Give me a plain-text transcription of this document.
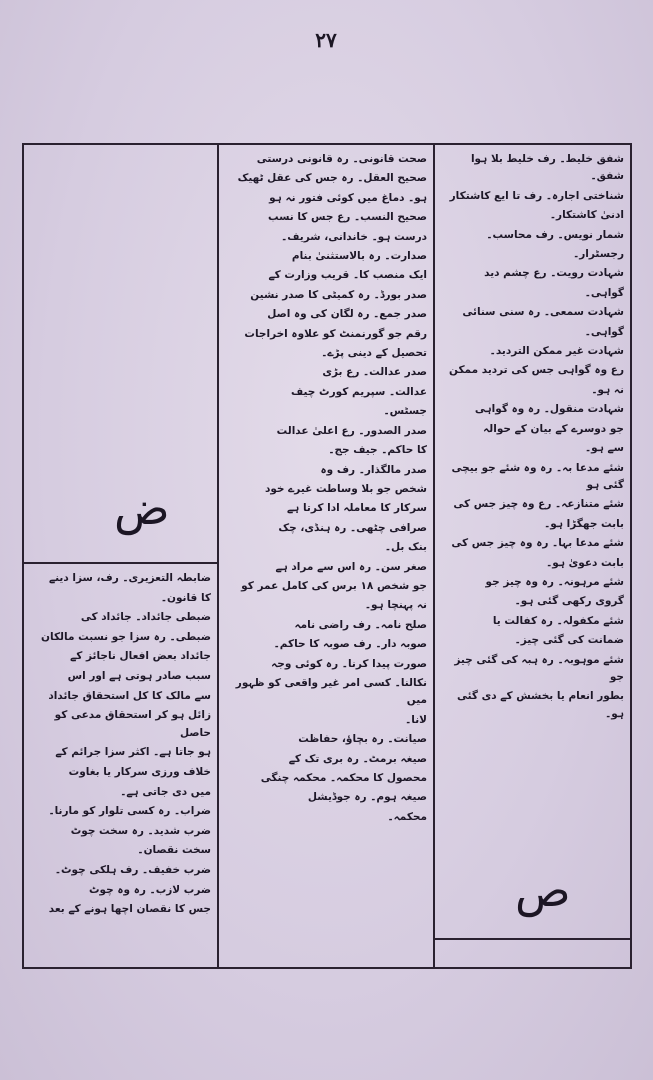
۲۷

شفق خلیط۔ رف خلیط بلا ہوا شفق۔

شناختی اجارہ۔ رف تا ایع کاشتکار

ادنیٰ کاشتکار۔

شمار نویس۔ رف محاسب۔

رجسٹرار۔

شہادت رویت۔ رع چشم دید

گواہی۔

شہادت سمعی۔ رہ سنی سنائی

گواہی۔

شہادت غیر ممکن التردید۔

رع وہ گواہی جس کی تردید ممکن

نہ ہو۔

شہادت منقول۔ رہ وہ گواہی

جو دوسرے کے بیان کے حوالہ

سے ہو۔

شئے مدعا بہ۔ رہ وہ شئے جو بیچی گئی ہو

شئے متنازعہ۔ رع وہ چیز جس کی

بابت جھگڑا ہو۔

شئے مدعا بہا۔ رہ وہ چیز جس کی

بابت دعویٰ ہو۔

شئے مرہونہ۔ رہ وہ چیز جو

گروی رکھی گئی ہو۔

شئے مکفولہ۔ رہ کفالت یا

ضمانت کی گئی چیز۔

شئے موہوبہ۔ رہ ہبہ کی گئی چیز جو

بطور انعام یا بخشش کے دی گئی ہو۔

ص

صحت قانونی۔ رہ قانونی درستی

صحیح العقل۔ رہ جس کی عقل ٹھیک

ہو۔ دماغ میں کوئی فتور نہ ہو

صحیح النسب۔ رع جس کا نسب

درست ہو۔ خاندانی، شریف۔

صدارت۔ رہ بالاستثنیٰ بنام

ایک منصب کا۔ قریب وزارت کے

صدر بورڈ۔ رہ کمیٹی کا صدر نشین

صدر جمع۔ رہ لگان کی وہ اصل

رقم جو گورنمنٹ کو علاوہ اخراجات

تحصیل کے دینی پڑے۔

صدر عدالت۔ رع بڑی

عدالت۔ سپریم کورٹ چیف

جسٹس۔

صدر الصدور۔ رع اعلیٰ عدالت

کا حاکم۔ جیف جج۔

صدر مالگذار۔ رف وہ

شخص جو بلا وساطت غیرے خود

سرکار کا معاملہ ادا کرتا ہے

صرافی چٹھی۔ رہ ہنڈی، چک

بنک بل۔

صغر سن۔ رہ اس سے مراد ہے

جو شخص ۱۸ برس کی کامل عمر کو

نہ پہنچا ہو۔

صلح نامہ۔ رف راضی نامہ

صوبہ دار۔ رف صوبہ کا حاکم۔

صورت پیدا کرنا۔ رہ کوئی وجہ

نکالنا۔ کسی امر غیر واقعی کو ظہور میں

لانا۔

صیانت۔ رہ بچاؤ، حفاظت

صیغہ برمٹ۔ رہ بری تک کے

محصول کا محکمہ۔ محکمہ چنگی

صیغہ ہوم۔ رہ جوڈیشل

محکمہ۔

ض

ضابطہ التعزیری۔ رف، سزا دینے

کا قانون۔

ضبطی جائداد۔ جائداد کی

ضبطی۔ رہ سزا جو نسبت مالکان

جائداد بعض افعال ناجائز کے

سبب صادر ہوتی ہے اور اس

سے مالک کا کل استحقاق جائداد

زائل ہو کر استحقاق مدعی کو حاصل

ہو جاتا ہے۔ اکثر سزا جرائم کے

خلاف ورزی سرکار یا بغاوت

میں دی جاتی ہے۔

ضراب۔ رہ کسی تلوار کو مارنا۔

ضرب شدید۔ رہ سخت چوٹ

سخت نقصان۔

ضرب خفیف۔ رف ہلکی چوٹ۔

ضرب لازب۔ رہ وہ چوٹ

جس کا نقصان اچھا ہونے کے بعد
